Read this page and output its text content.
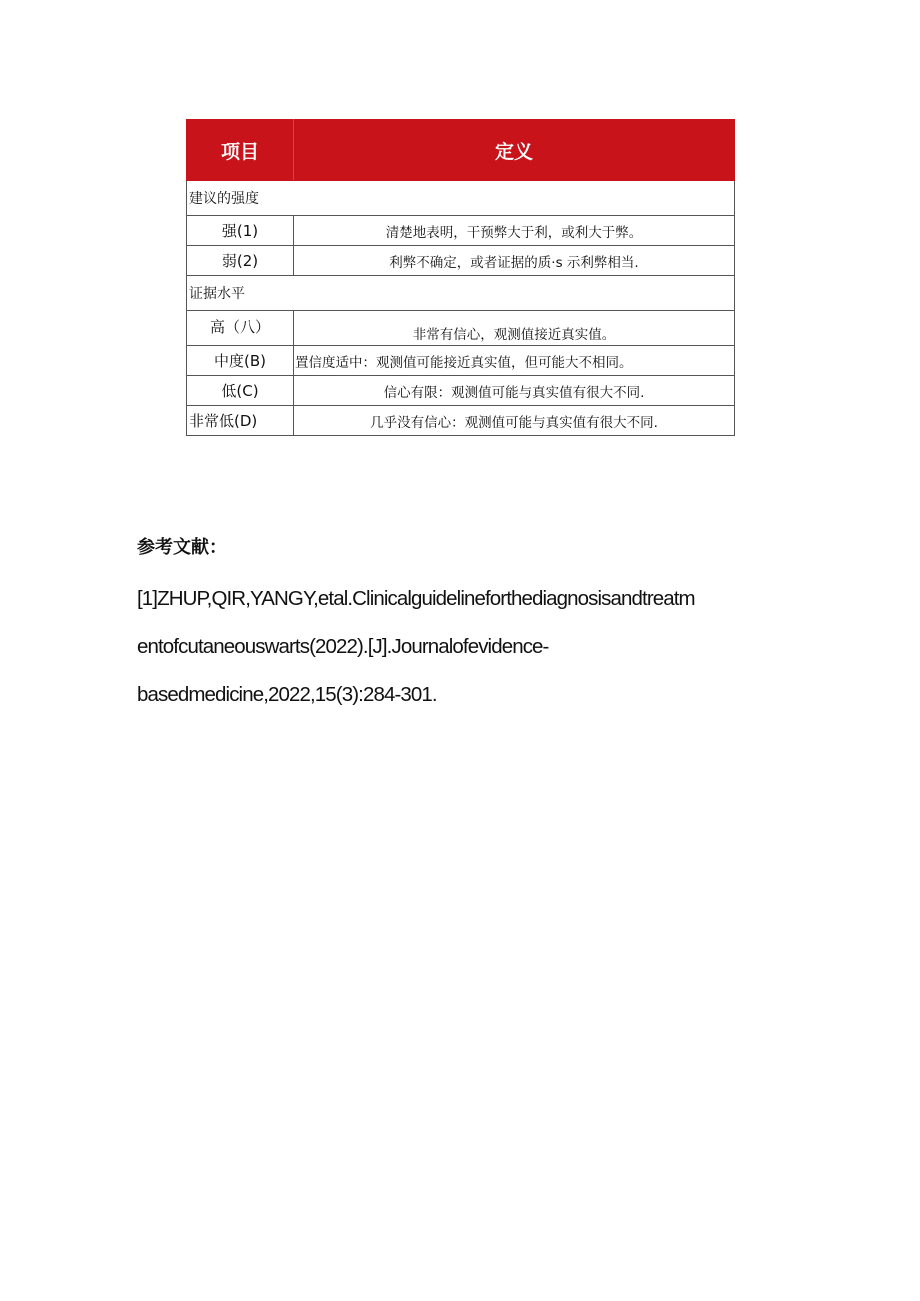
项目	定义
建议的强度	
强(1)	清楚地表明，干预弊大于利，或利大于弊。
弱(2)	利弊不确定，或者证据的质·s 示利弊相当.
证据水平	
高（八）	非常有信心，观测值接近真实值。
中度(B)	置信度适中：观测值可能接近真实值，但可能大不相同。
低(C)	信心有限：观测值可能与真实值有很大不同.
非常低(D)	几乎没有信心：观测值可能与真实值有很大不同.

参考文献：

[1]ZHUP,QIR,YANGY,etal.Clinicalguidelineforthediagnosisandtreatm

entofcutaneouswarts(2022).[J].Journalofevidence-

basedmedicine,2022,15(3):284-301.
